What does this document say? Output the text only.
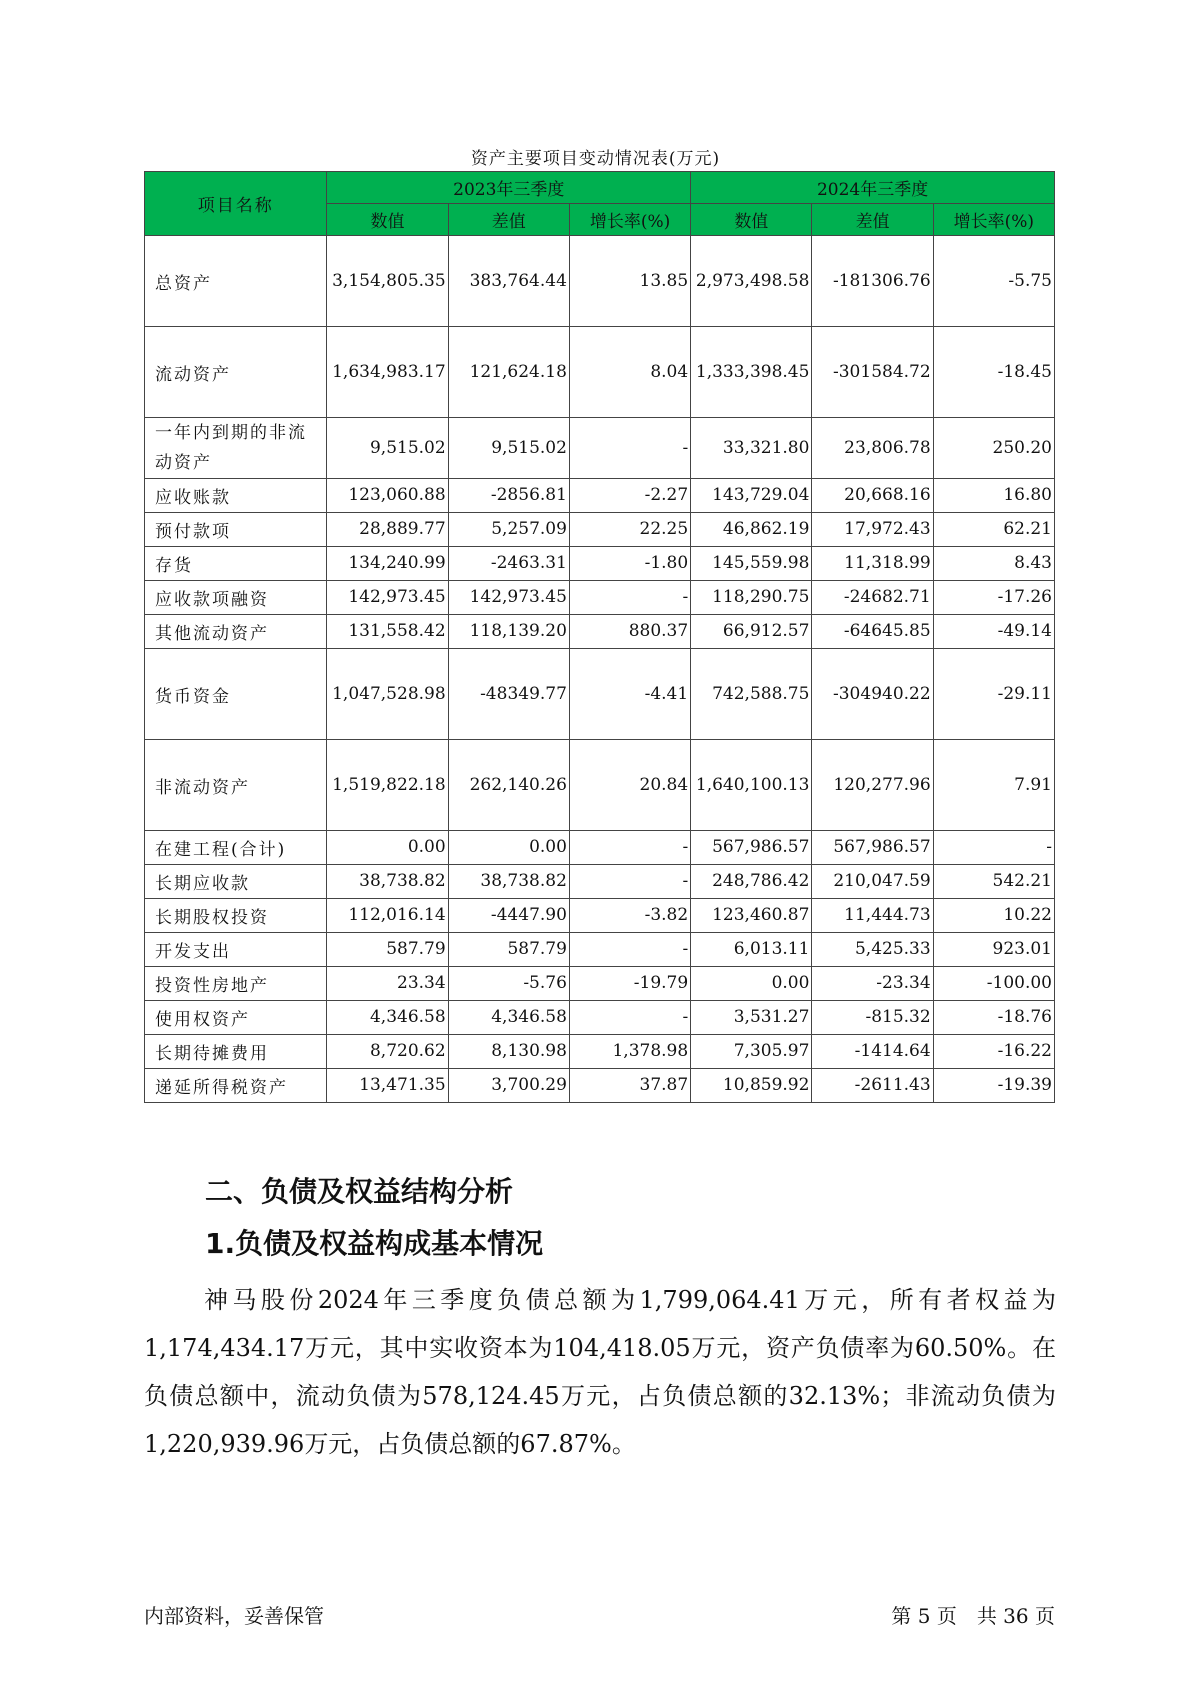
资产主要项目变动情况表(万元)
项目名称	2023年三季度			2024年三季度		
	数值	差值	增长率(%)	数值	差值	增长率(%)
总资产	3,154,805.35	383,764.44	13.85	2,973,498.58	-181306.76	-5.75
流动资产	1,634,983.17	121,624.18	8.04	1,333,398.45	-301584.72	-18.45
一年内到期的非流动资产	9,515.02	9,515.02	-	33,321.80	23,806.78	250.20
应收账款	123,060.88	-2856.81	-2.27	143,729.04	20,668.16	16.80
预付款项	28,889.77	5,257.09	22.25	46,862.19	17,972.43	62.21
存货	134,240.99	-2463.31	-1.80	145,559.98	11,318.99	8.43
应收款项融资	142,973.45	142,973.45	-	118,290.75	-24682.71	-17.26
其他流动资产	131,558.42	118,139.20	880.37	66,912.57	-64645.85	-49.14
货币资金	1,047,528.98	-48349.77	-4.41	742,588.75	-304940.22	-29.11
非流动资产	1,519,822.18	262,140.26	20.84	1,640,100.13	120,277.96	7.91
在建工程(合计)	0.00	0.00	-	567,986.57	567,986.57	-
长期应收款	38,738.82	38,738.82	-	248,786.42	210,047.59	542.21
长期股权投资	112,016.14	-4447.90	-3.82	123,460.87	11,444.73	10.22
开发支出	587.79	587.79	-	6,013.11	5,425.33	923.01
投资性房地产	23.34	-5.76	-19.79	0.00	-23.34	-100.00
使用权资产	4,346.58	4,346.58	-	3,531.27	-815.32	-18.76
长期待摊费用	8,720.62	8,130.98	1,378.98	7,305.97	-1414.64	-16.22
递延所得税资产	13,471.35	3,700.29	37.87	10,859.92	-2611.43	-19.39
二、负债及权益结构分析
1.负债及权益构成基本情况

神马股份2024年三季度负债总额为1,799,064.41万元，所有者权益为1,174,434.17万元，其中实收资本为104,418.05万元，资产负债率为60.50%。在负债总额中，流动负债为578,124.45万元，占负债总额的32.13%；非流动负债为1,220,939.96万元，占负债总额的67.87%。

内部资料，妥善保管	第 5 页　共 36 页
